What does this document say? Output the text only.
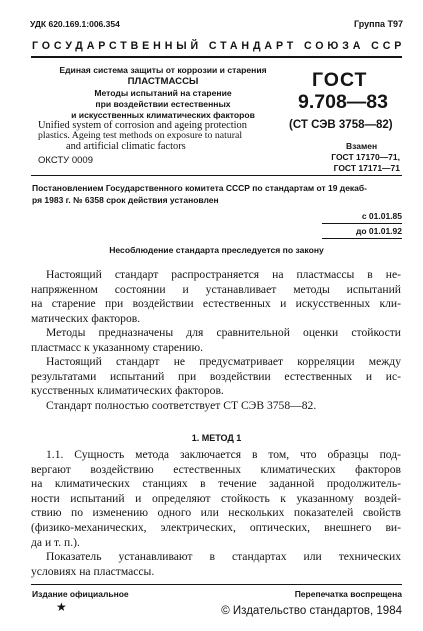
УДК 620.169.1:006.354	Группа Т97
ГОСУДАРСТВЕННЫЙ СТАНДАРТ СОЮЗА ССР
Единая система защиты от коррозии и старения
ПЛАСТМАССЫ
Методы испытаний на старение
при воздействии естественных
и искусственных климатических факторов
Unified system of corrosion and ageing protection
plastics. Ageing test methods on exposure to natural
and artificial climatic factors
ОКСТУ 0009
ГОСТ
9.708—83
(СТ СЭВ 3758—82)
Взамен
ГОСТ 17170—71,
ГОСТ 17171—71
Постановлением Государственного комитета СССР по стандартам от 19 декаб-
ря 1983 г. № 6358 срок действия установлен
с 01.01.85
до 01.01.92
Несоблюдение стандарта преследуется по закону
Настоящий стандарт распространяется на пластмассы в не-
напряженном состоянии и устанавливает методы испытаний
на старение при воздействии естественных и искусственных кли-
матических факторов.
Методы предназначены для сравнительной оценки стойкости
пластмасс к указанному старению.
Настоящий стандарт не предусматривает корреляции между
результатами испытаний при воздействии естественных и ис-
кусственных климатических факторов.
Стандарт полностью соответствует СТ СЭВ 3758—82.
1. МЕТОД 1
1.1. Сущность метода заключается в том, что образцы под-
вергают воздействию естественных климатических факторов
на климатических станциях в течение заданной продолжитель-
ности испытаний и определяют стойкость к указанному воздей-
ствию по изменению одного или нескольких показателей свойств
(физико-механических, электрических, оптических, внешнего ви-
да и т. п.).
Показатель устанавливают в стандартах или технических
условиях на пластмассы.
Издание официальное	Перепечатка воспрещена
★	© Издательство стандартов, 1984
